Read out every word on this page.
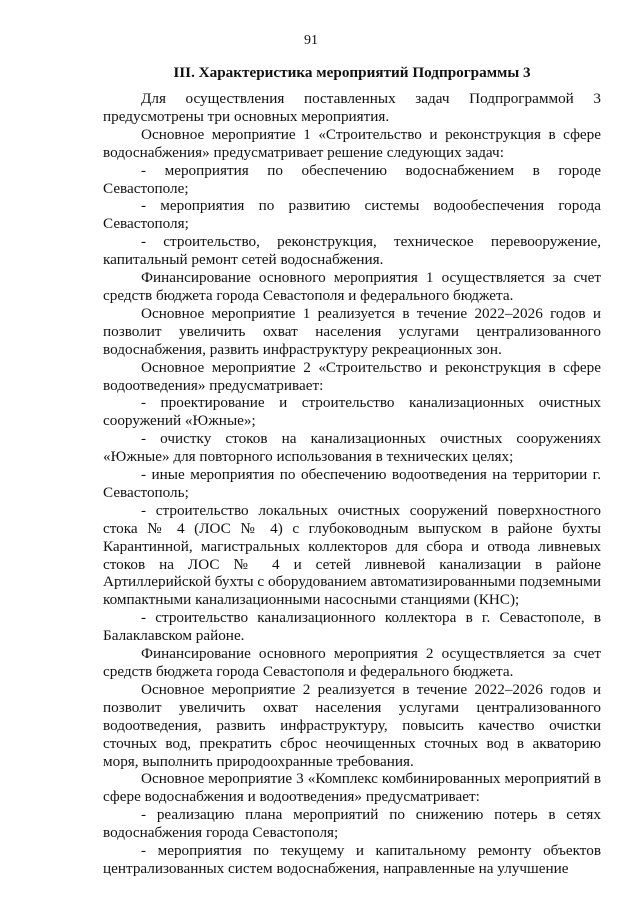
91
III. Характеристика мероприятий Подпрограммы 3

Для осуществления поставленных задач Подпрограммой 3 предусмотрены три основных мероприятия.

Основное мероприятие 1 «Строительство и реконструкция в сфере водоснабжения» предусматривает решение следующих задач:

- мероприятия по обеспечению водоснабжением в городе Севастополе;

- мероприятия по развитию системы водообеспечения города Севастополя;

- строительство, реконструкция, техническое перевооружение, капитальный ремонт сетей водоснабжения.

Финансирование основного мероприятия 1 осуществляется за счет средств бюджета города Севастополя и федерального бюджета.

Основное мероприятие 1 реализуется в течение 2022–2026 годов и позволит увеличить охват населения услугами централизованного водоснабжения, развить инфраструктуру рекреационных зон.

Основное мероприятие 2 «Строительство и реконструкция в сфере водоотведения» предусматривает:

- проектирование и строительство канализационных очистных сооружений «Южные»;

- очистку стоков на канализационных очистных сооружениях «Южные» для повторного использования в технических целях;

- иные мероприятия по обеспечению водоотведения на территории г. Севастополь;

- строительство локальных очистных сооружений поверхностного стока № 4 (ЛОС № 4) с глубоководным выпуском в районе бухты Карантинной, магистральных коллекторов для сбора и отвода ливневых стоков на ЛОС № 4 и сетей ливневой канализации в районе Артиллерийской бухты с оборудованием автоматизированными подземными компактными канализационными насосными станциями (КНС);

- строительство канализационного коллектора в г. Севастополе, в Балаклавском районе.

Финансирование основного мероприятия 2 осуществляется за счет средств бюджета города Севастополя и федерального бюджета.

Основное мероприятие 2 реализуется в течение 2022–2026 годов и позволит увеличить охват населения услугами централизованного водоотведения, развить инфраструктуру, повысить качество очистки сточных вод, прекратить сброс неочищенных сточных вод в акваторию моря, выполнить природоохранные требования.

Основное мероприятие 3 «Комплекс комбинированных мероприятий в сфере водоснабжения и водоотведения» предусматривает:

- реализацию плана мероприятий по снижению потерь в сетях водоснабжения города Севастополя;

- мероприятия по текущему и капитальному ремонту объектов централизованных систем водоснабжения, направленные на улучшение
